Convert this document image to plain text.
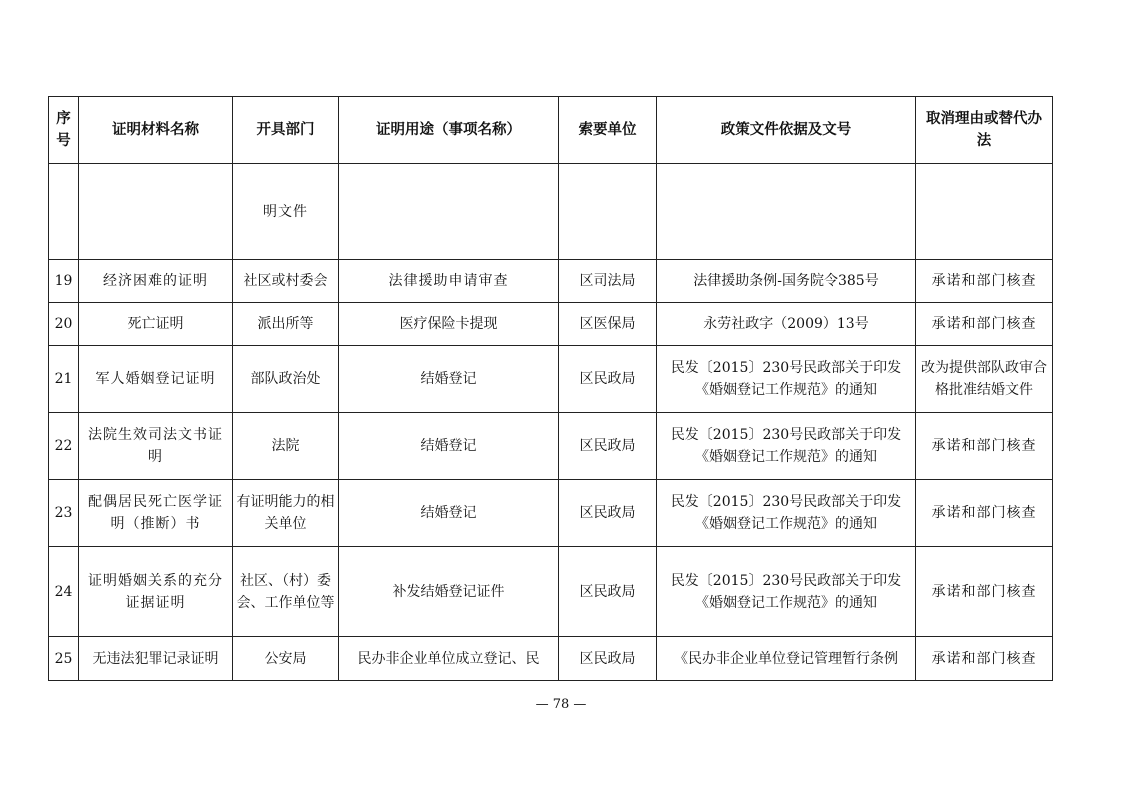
序号	证明材料名称	开具部门	证明用途（事项名称）	索要单位	政策文件依据及文号	取消理由或替代办法
		明文件				
19	经济困难的证明	社区或村委会	法律援助申请审查	区司法局	法律援助条例-国务院令385号	承诺和部门核查
20	死亡证明	派出所等	医疗保险卡提现	区医保局	永劳社政字（2009）13号	承诺和部门核查
21	军人婚姻登记证明	部队政治处	结婚登记	区民政局	民发〔2015〕230号民政部关于印发《婚姻登记工作规范》的通知	改为提供部队政审合格批准结婚文件
22	法院生效司法文书证明	法院	结婚登记	区民政局	民发〔2015〕230号民政部关于印发《婚姻登记工作规范》的通知	承诺和部门核查
23	配偶居民死亡医学证明（推断）书	有证明能力的相关单位	结婚登记	区民政局	民发〔2015〕230号民政部关于印发《婚姻登记工作规范》的通知	承诺和部门核查
24	证明婚姻关系的充分证据证明	社区、（村）委会、工作单位等	补发结婚登记证件	区民政局	民发〔2015〕230号民政部关于印发《婚姻登记工作规范》的通知	承诺和部门核查
25	无违法犯罪记录证明	公安局	民办非企业单位成立登记、民	区民政局	《民办非企业单位登记管理暂行条例	承诺和部门核查
— 78 —
